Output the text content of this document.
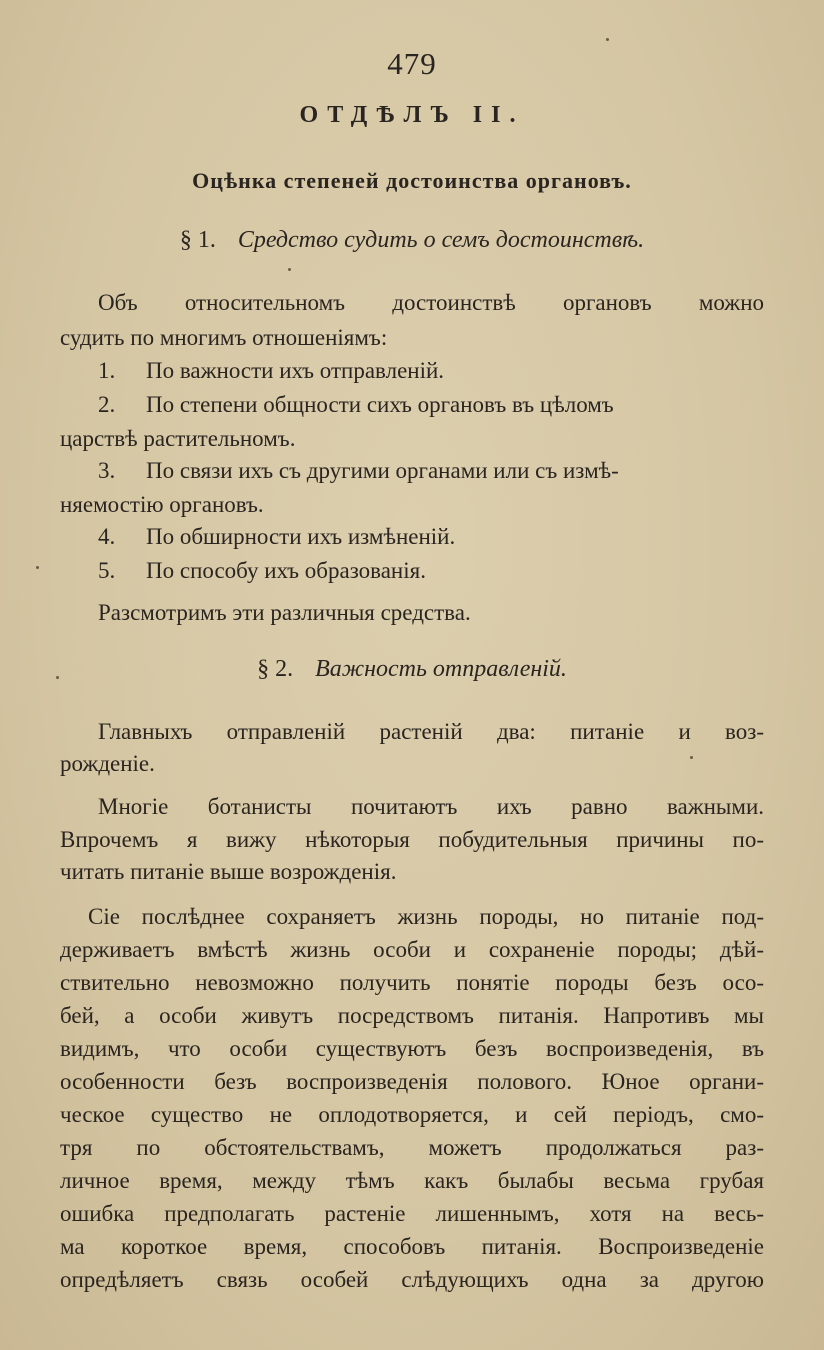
479
ОТДѢЛЪ II.
Оцѣнка степеней достоинства органовъ.
§ 1. Средство судить о семъ достоинствѣ.
Объ относительномъ достоинствѣ органовъ можно
судить по многимъ отношеніямъ:
1. По важности ихъ отправленій.
2. По степени общности сихъ органовъ въ цѣломъ
царствѣ растительномъ.
3. По связи ихъ съ другими органами или съ измѣ-
няемостію органовъ.
4. По обширности ихъ измѣненій.
5. По способу ихъ образованія.
Разсмотримъ эти различныя средства.
§ 2. Важность отправленій.
Главныхъ отправленій растеній два: питаніе и воз-
рожденіе.
Многіе ботанисты почитаютъ ихъ равно важными.
Впрочемъ я вижу нѣкоторыя побудительныя причины по-
читать питаніе выше возрожденія.
Сіе послѣднее сохраняетъ жизнь породы, но питаніе под-
держиваетъ вмѣстѣ жизнь особи и сохраненіе породы; дѣй-
ствительно невозможно получить понятіе породы безъ осо-
бей, а особи живутъ посредствомъ питанія. Напротивъ мы
видимъ, что особи существуютъ безъ воспроизведенія, въ
особенности безъ воспроизведенія полового. Юное органи-
ческое существо не оплодотворяется, и сей періодъ, смо-
тря по обстоятельствамъ, можетъ продолжаться раз-
личное время, между тѣмъ какъ былабы весьма грубая
ошибка предполагать растеніе лишеннымъ, хотя на весь-
ма короткое время, способовъ питанія. Воспроизведеніе
опредѣляетъ связь особей слѣдующихъ одна за другою
